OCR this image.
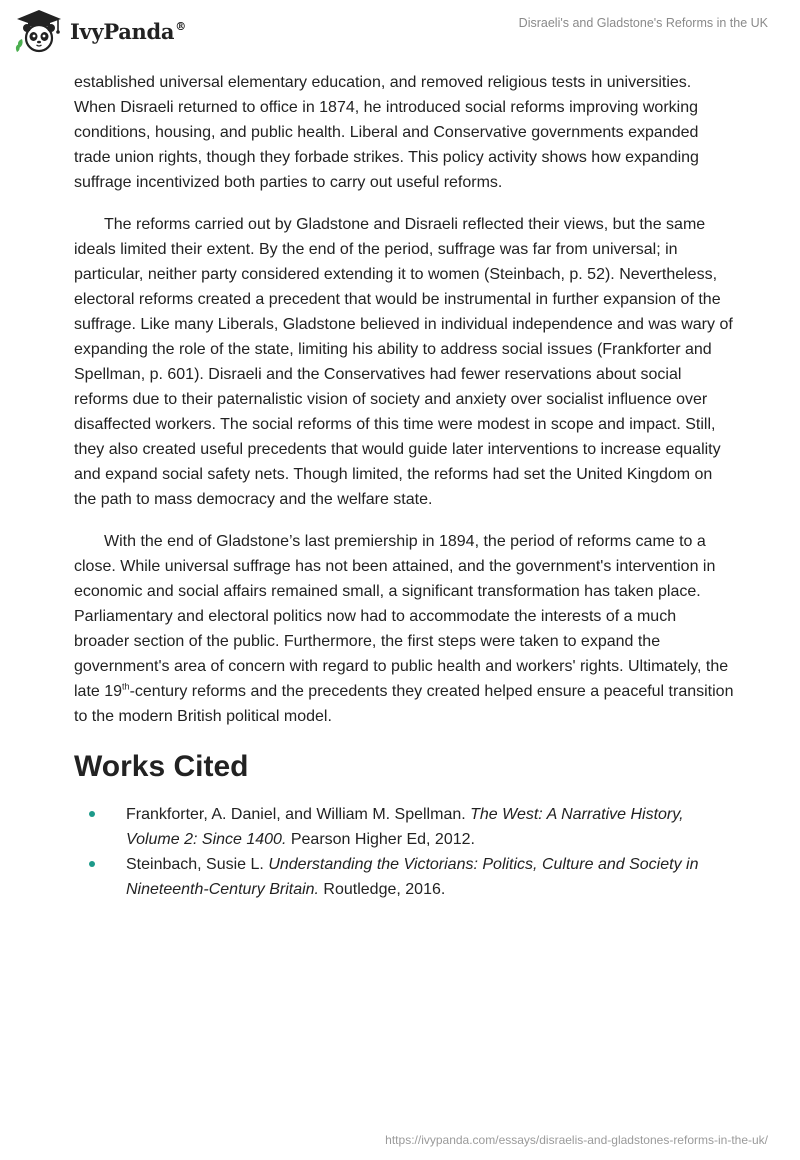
IvyPanda®	Disraeli's and Gladstone's Reforms in the UK

established universal elementary education, and removed religious tests in universities. When Disraeli returned to office in 1874, he introduced social reforms improving working conditions, housing, and public health. Liberal and Conservative governments expanded trade union rights, though they forbade strikes. This policy activity shows how expanding suffrage incentivized both parties to carry out useful reforms.

The reforms carried out by Gladstone and Disraeli reflected their views, but the same ideals limited their extent. By the end of the period, suffrage was far from universal; in particular, neither party considered extending it to women (Steinbach, p. 52). Nevertheless, electoral reforms created a precedent that would be instrumental in further expansion of the suffrage. Like many Liberals, Gladstone believed in individual independence and was wary of expanding the role of the state, limiting his ability to address social issues (Frankforter and Spellman, p. 601). Disraeli and the Conservatives had fewer reservations about social reforms due to their paternalistic vision of society and anxiety over socialist influence over disaffected workers. The social reforms of this time were modest in scope and impact. Still, they also created useful precedents that would guide later interventions to increase equality and expand social safety nets. Though limited, the reforms had set the United Kingdom on the path to mass democracy and the welfare state.

With the end of Gladstone’s last premiership in 1894, the period of reforms came to a close. While universal suffrage has not been attained, and the government's intervention in economic and social affairs remained small, a significant transformation has taken place. Parliamentary and electoral politics now had to accommodate the interests of a much broader section of the public. Furthermore, the first steps were taken to expand the government's area of concern with regard to public health and workers' rights. Ultimately, the late 19th-century reforms and the precedents they created helped ensure a peaceful transition to the modern British political model.

Works Cited
Frankforter, A. Daniel, and William M. Spellman. The West: A Narrative History, Volume 2: Since 1400. Pearson Higher Ed, 2012.
Steinbach, Susie L. Understanding the Victorians: Politics, Culture and Society in Nineteenth-Century Britain. Routledge, 2016.
https://ivypanda.com/essays/disraelis-and-gladstones-reforms-in-the-uk/
